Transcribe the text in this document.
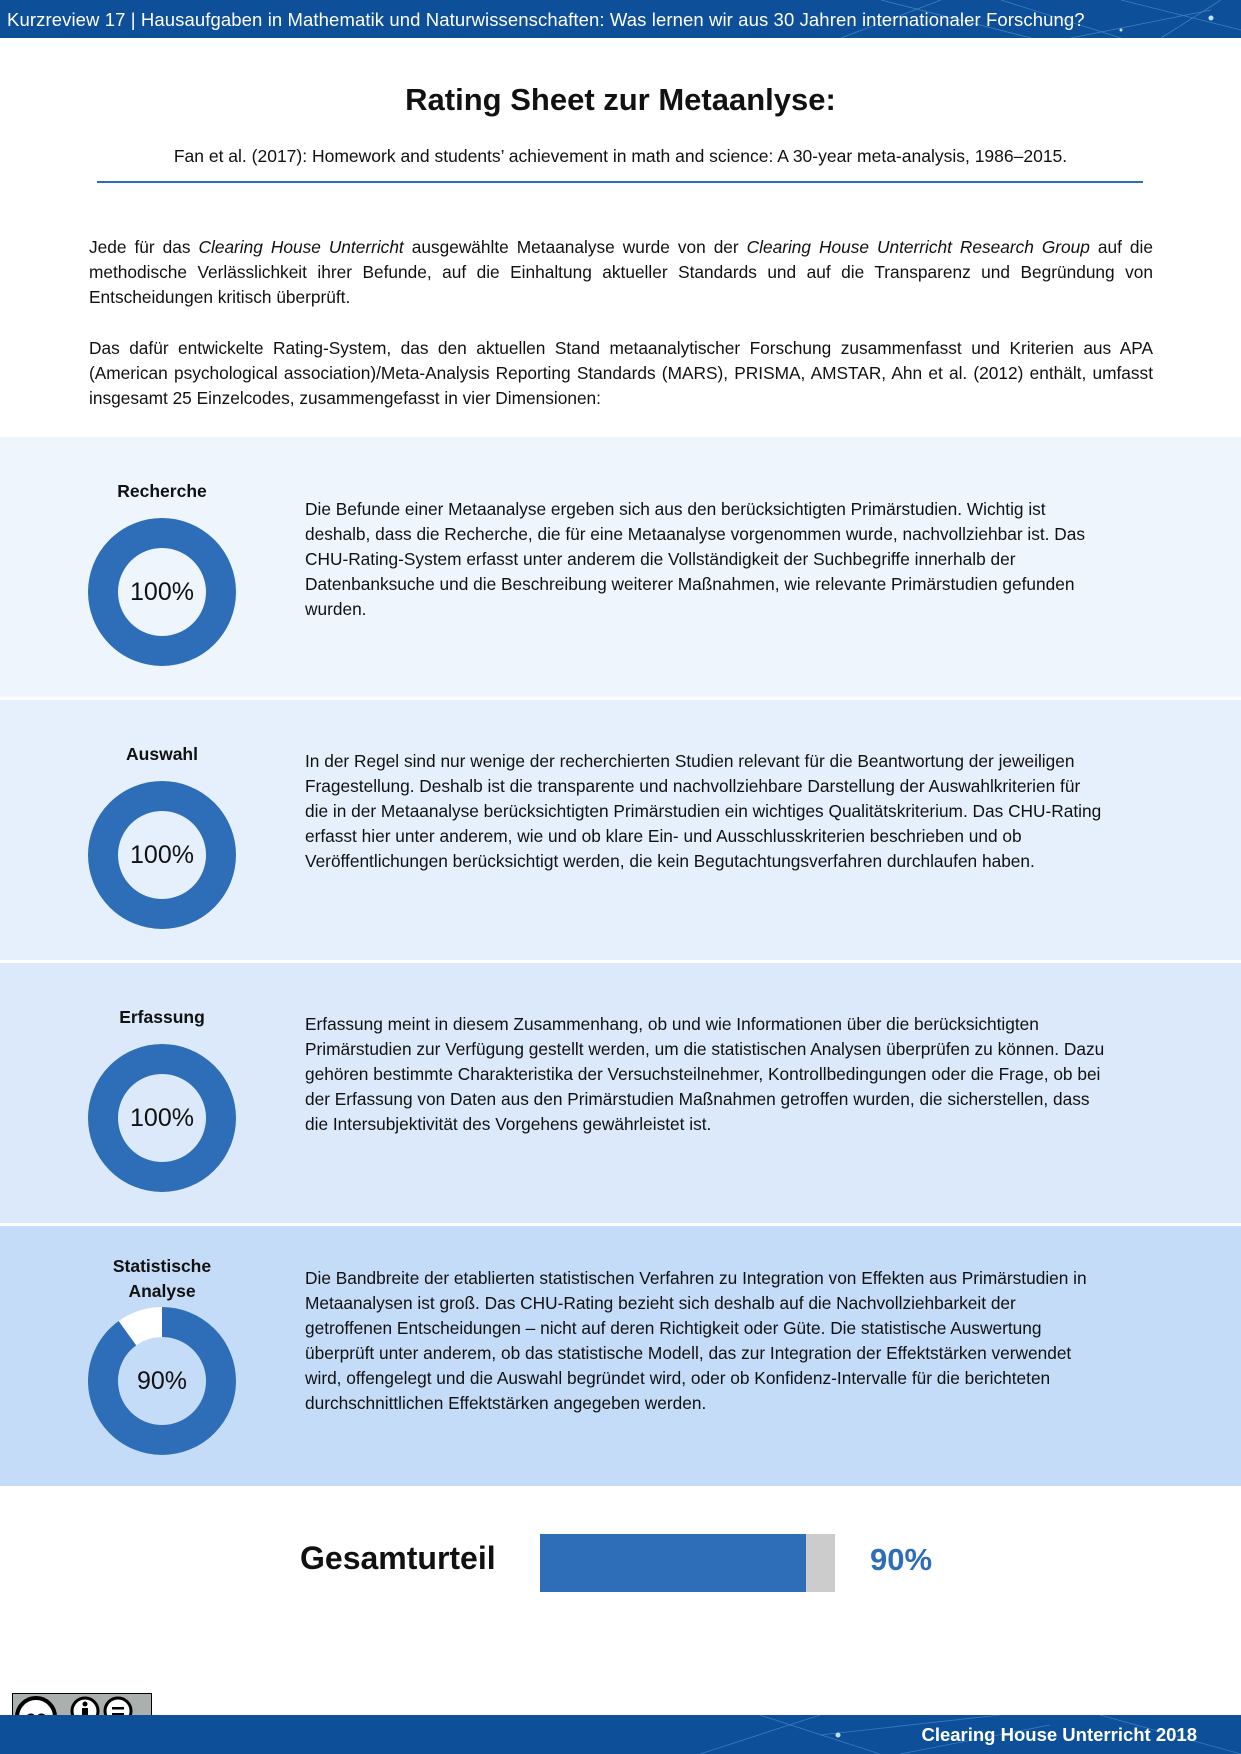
Kurzreview 17 | Hausaufgaben in Mathematik und Naturwissenschaften: Was lernen wir aus 30 Jahren internationaler Forschung?
Rating Sheet zur Metaanlyse:
Fan et al. (2017): Homework and students’ achievement in math and science: A 30-year meta-analysis, 1986–2015.
Jede für das Clearing House Unterricht ausgewählte Metaanalyse wurde von der Clearing House Unterricht Research Group auf die methodische Verlässlichkeit ihrer Befunde, auf die Einhaltung aktueller Standards und auf die Transparenz und Begründung von Entscheidungen kritisch überprüft.
Das dafür entwickelte Rating-System, das den aktuellen Stand metaanalytischer Forschung zusammenfasst und Kriterien aus APA (American psychological association)/Meta-Analysis Reporting Standards (MARS), PRISMA, AMSTAR, Ahn et al. (2012) enthält, umfasst insgesamt 25 Einzelcodes, zusammengefasst in vier Dimensionen:
Recherche
100%
Die Befunde einer Metaanalyse ergeben sich aus den berücksichtigten Primärstudien. Wichtig ist deshalb, dass die Recherche, die für eine Metaanalyse vorgenommen wurde, nachvollziehbar ist. Das CHU-Rating-System erfasst unter anderem die Vollständigkeit der Suchbegriffe innerhalb der Datenbanksuche und die Beschreibung weiterer Maßnahmen, wie relevante Primärstudien gefunden wurden.
Auswahl
100%
In der Regel sind nur wenige der recherchierten Studien relevant für die Beantwortung der jeweiligen Fragestellung. Deshalb ist die transparente und nachvollziehbare Darstellung der Auswahlkriterien für die in der Metaanalyse berücksichtigten Primärstudien ein wichtiges Qualitätskriterium. Das CHU-Rating erfasst hier unter anderem, wie und ob klare Ein- und Ausschlusskriterien beschrieben und ob Veröffentlichungen berücksichtigt werden, die kein Begutachtungsverfahren durchlaufen haben.
Erfassung
100%
Erfassung meint in diesem Zusammenhang, ob und wie Informationen über die berücksichtigten Primärstudien zur Verfügung gestellt werden, um die statistischen Analysen überprüfen zu können. Dazu gehören bestimmte Charakteristika der Versuchsteilnehmer, Kontrollbedingungen oder die Frage, ob bei der Erfassung von Daten aus den Primärstudien Maßnahmen getroffen wurden, die sicherstellen, dass die Intersubjektivität des Vorgehens gewährleistet ist.
Statistische Analyse
90%
Die Bandbreite der etablierten statistischen Verfahren zu Integration von Effekten aus Primärstudien in Metaanalysen ist groß. Das CHU-Rating bezieht sich deshalb auf die Nachvollziehbarkeit der getroffenen Entscheidungen – nicht auf deren Richtigkeit oder Güte. Die statistische Auswertung überprüft unter anderem, ob das statistische Modell, das zur Integration der Effektstärken verwendet wird, offengelegt und die Auswahl begründet wird, oder ob Konfidenz-Intervalle für die berichteten durchschnittlichen Effektstärken angegeben werden.
Gesamturteil	90%
Clearing House Unterricht 2018
